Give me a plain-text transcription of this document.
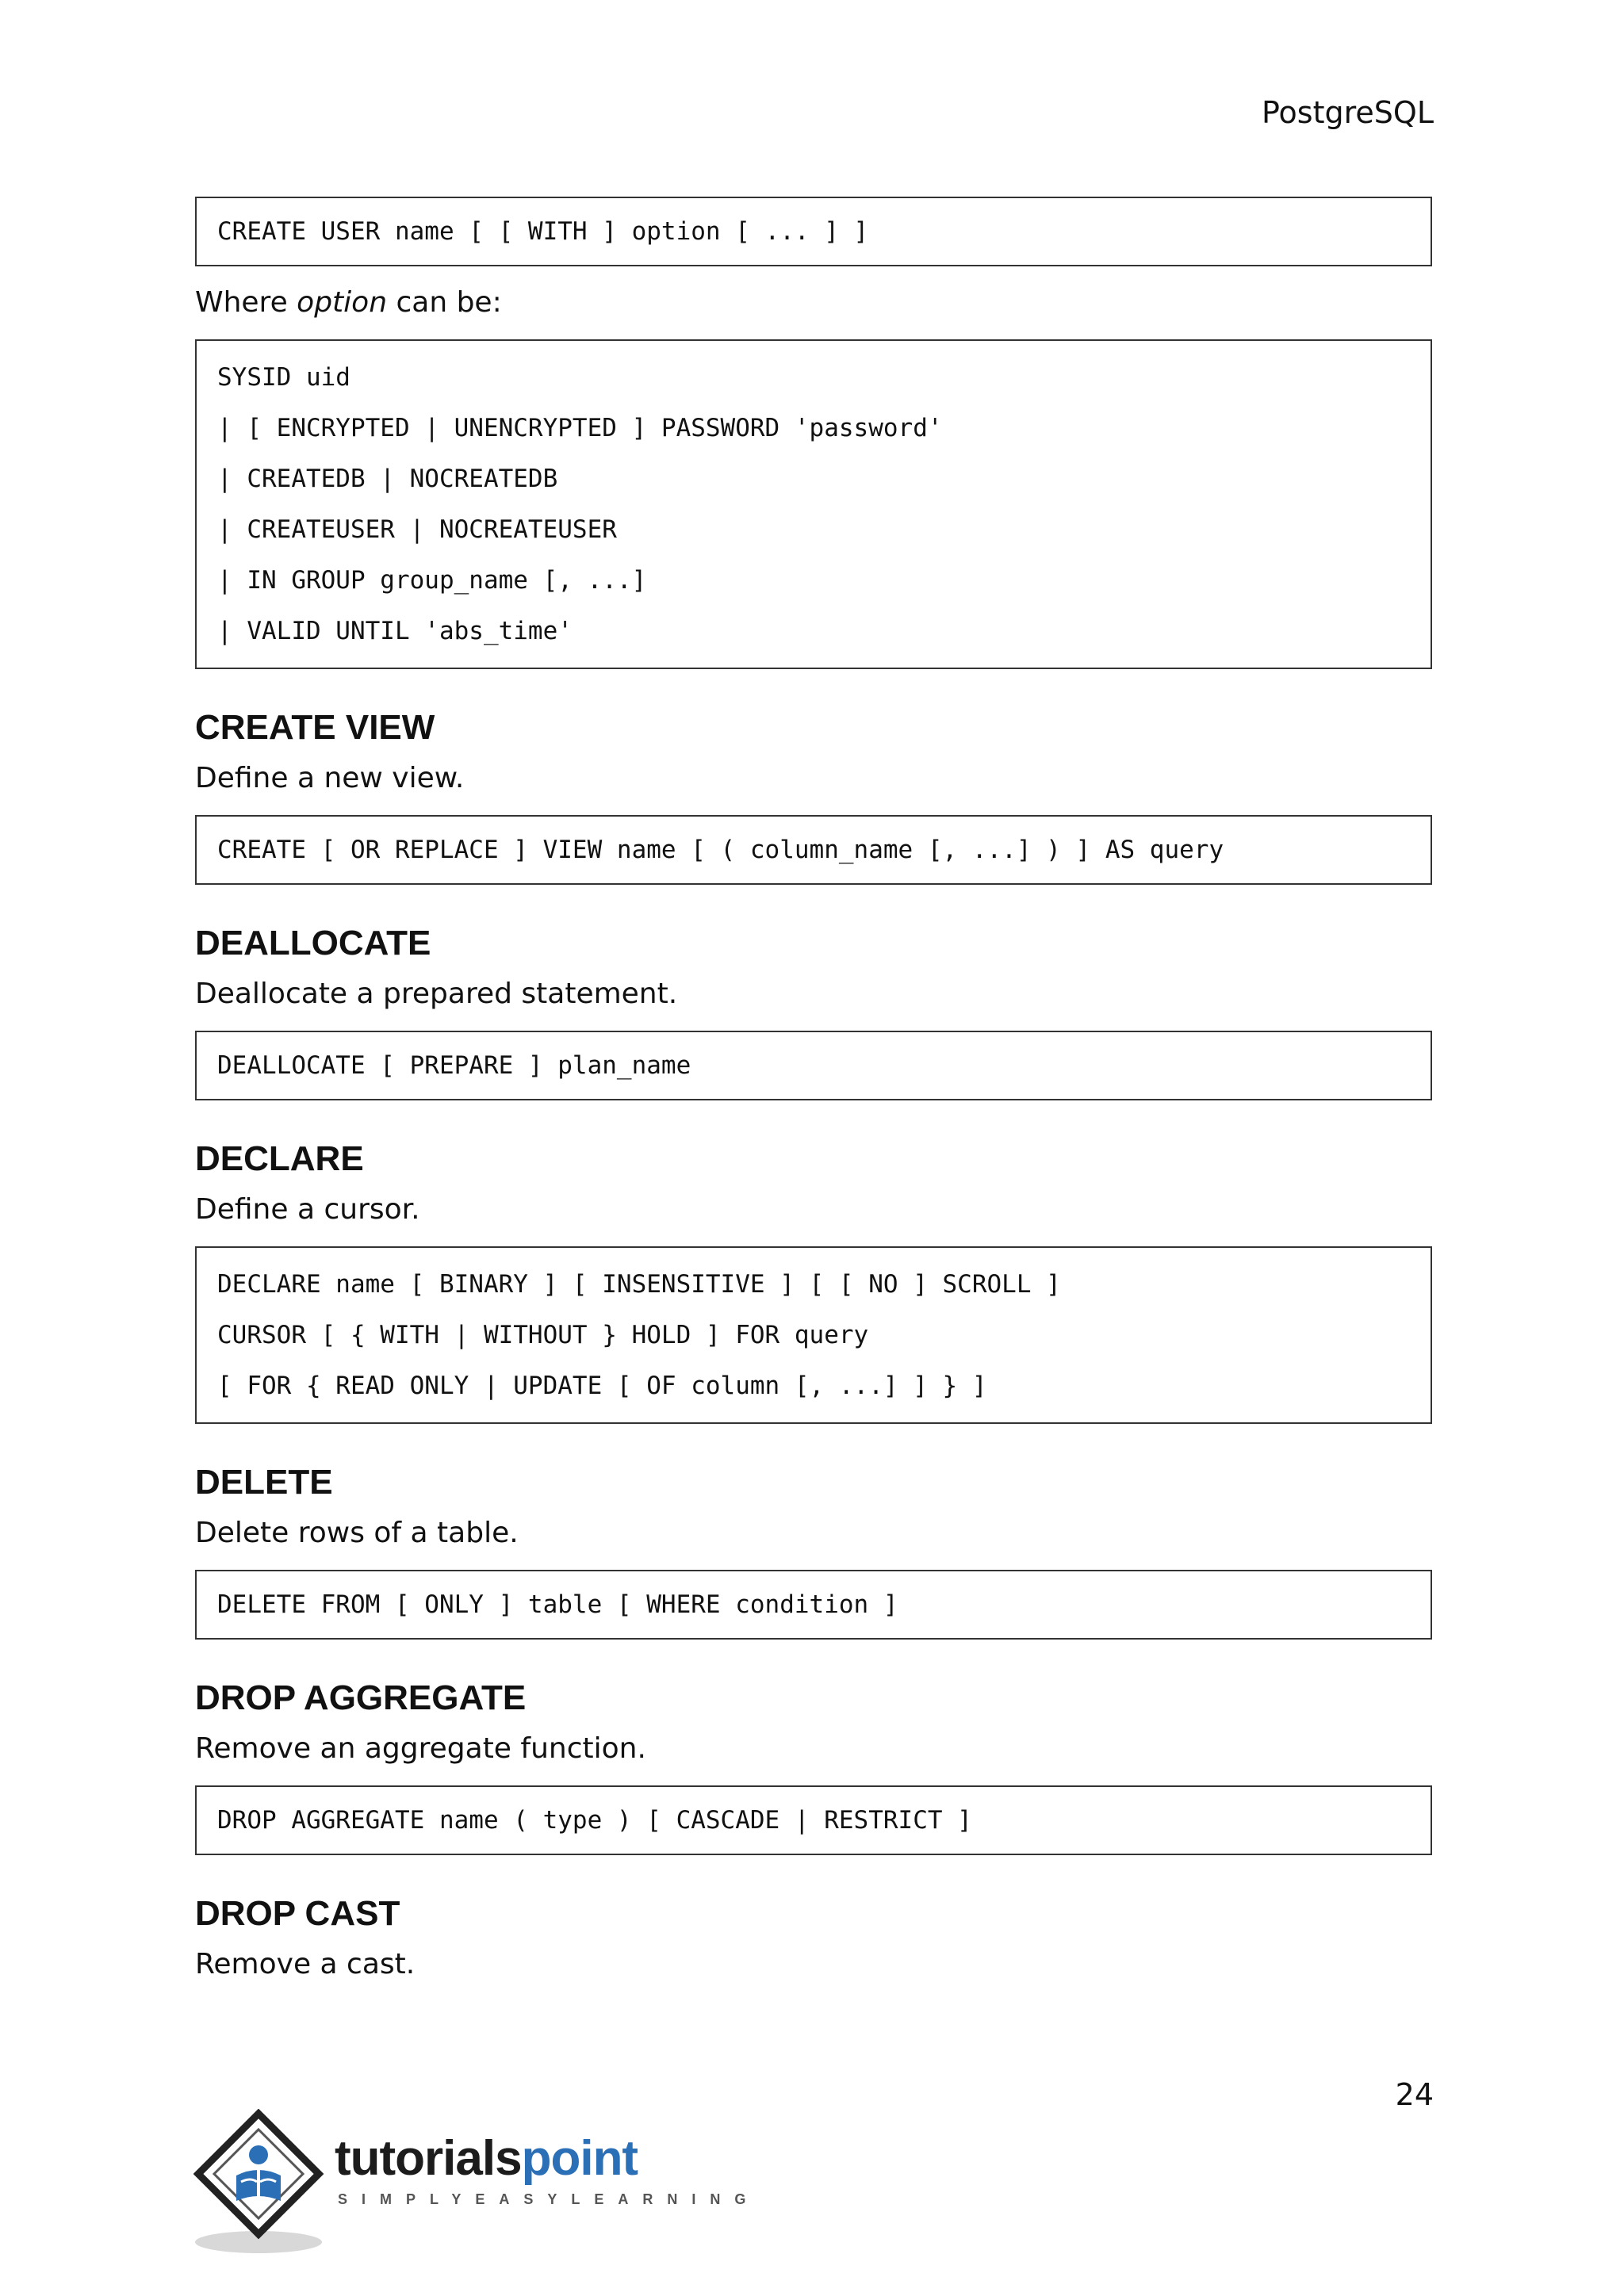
PostgreSQL
CREATE USER name [ [ WITH ] option [ ... ] ]

Where option can be:

SYSID uid
| [ ENCRYPTED | UNENCRYPTED ] PASSWORD 'password'
| CREATEDB | NOCREATEDB
| CREATEUSER | NOCREATEUSER
| IN GROUP group_name [, ...]
| VALID UNTIL 'abs_time'
CREATE VIEW

Define a new view.

CREATE [ OR REPLACE ] VIEW name [ ( column_name [, ...] ) ] AS query
DEALLOCATE

Deallocate a prepared statement.

DEALLOCATE [ PREPARE ] plan_name
DECLARE

Define a cursor.

DECLARE name [ BINARY ] [ INSENSITIVE ] [ [ NO ] SCROLL ]
CURSOR [ { WITH | WITHOUT } HOLD ] FOR query
[ FOR { READ ONLY | UPDATE [ OF column [, ...] ] } ]
DELETE

Delete rows of a table.

DELETE FROM [ ONLY ] table [ WHERE condition ]
DROP AGGREGATE

Remove an aggregate function.

DROP AGGREGATE name ( type ) [ CASCADE | RESTRICT ]
DROP CAST

Remove a cast.

24
tutorialspoint
SIMPLYEASYLEARNING
